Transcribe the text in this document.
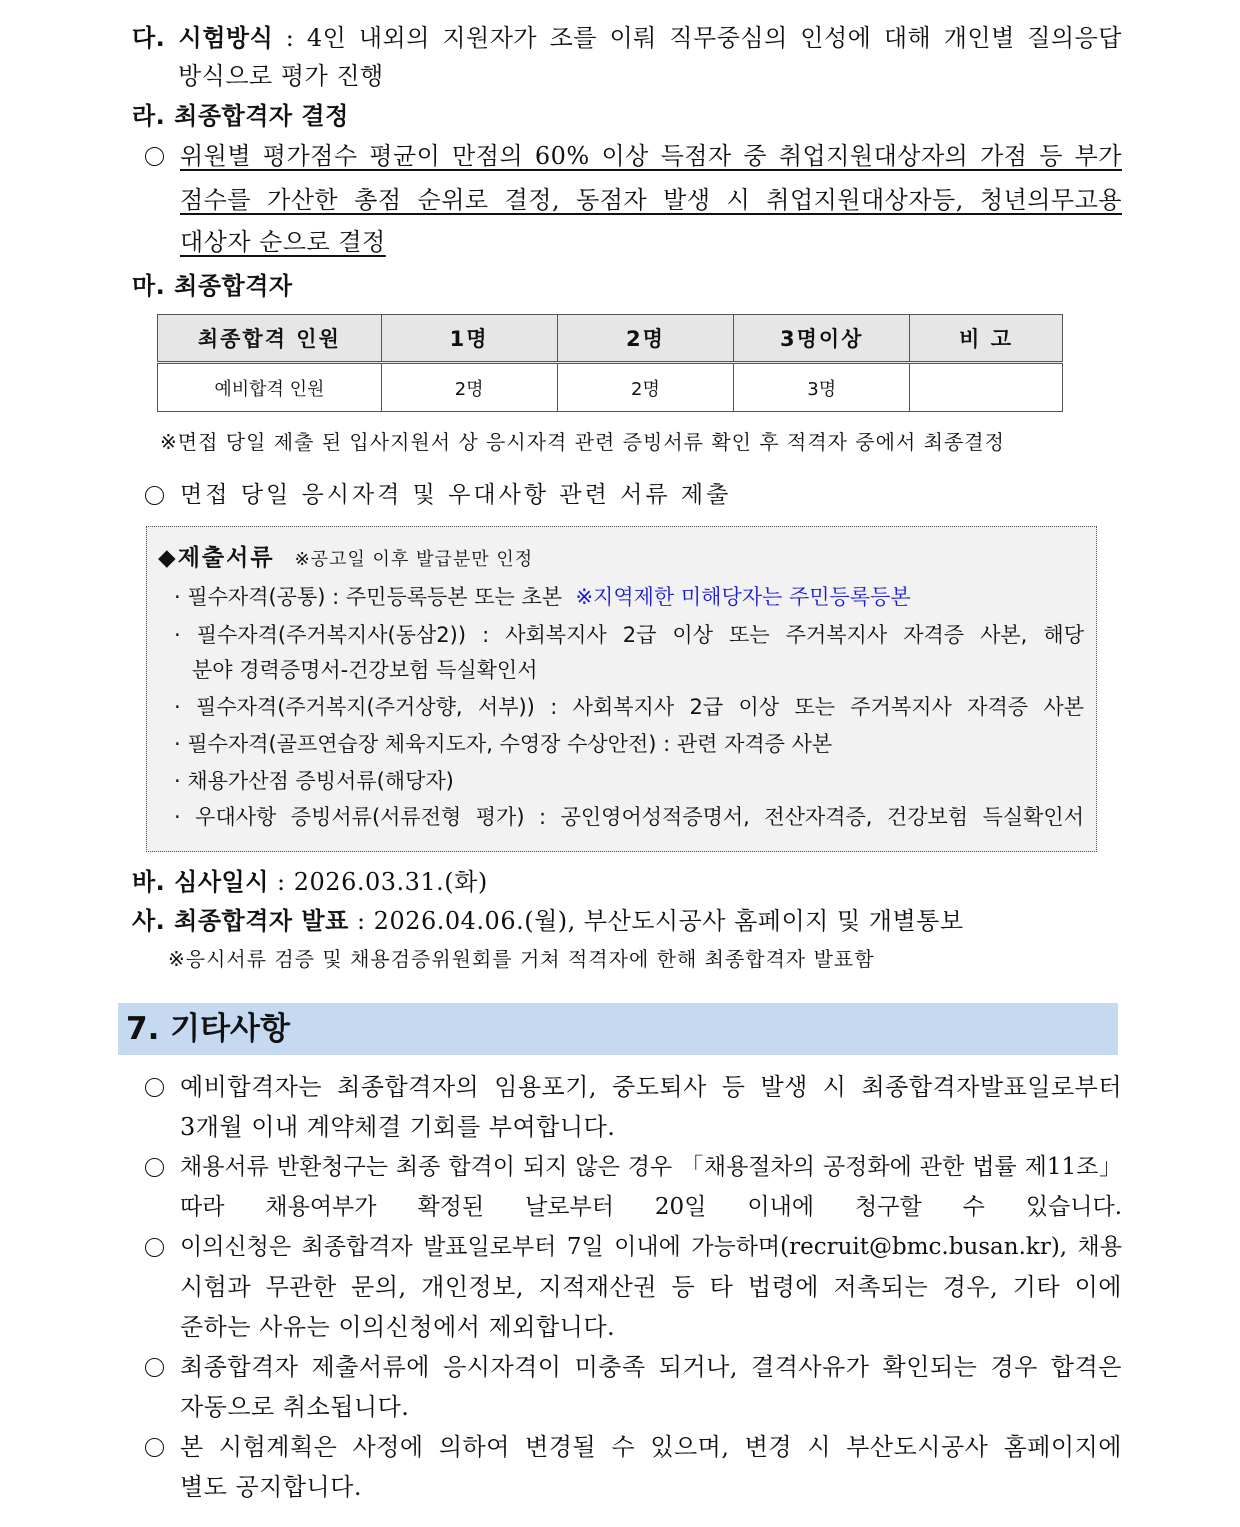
다. 시험방식 : 4인 내외의 지원자가 조를 이뤄 직무중심의 인성에 대해 개인별 질의응답
방식으로 평가 진행
라. 최종합격자 결정
위원별 평가점수 평균이 만점의 60% 이상 득점자 중 취업지원대상자의 가점 등 부가
점수를 가산한 총점 순위로 결정, 동점자 발생 시 취업지원대상자등, 청년의무고용
대상자 순으로 결정
마. 최종합격자
최종합격 인원	1명	2명	3명이상	비 고
예비합격 인원	2명	2명	3명	
※면접 당일 제출 된 입사지원서 상 응시자격 관련 증빙서류 확인 후 적격자 중에서 최종결정
면접 당일 응시자격 및 우대사항 관련 서류 제출
◆제출서류 ※공고일 이후 발급분만 인정
· 필수자격(공통) : 주민등록등본 또는 초본 ※지역제한 미해당자는 주민등록등본
· 필수자격(주거복지사(동삼2)) : 사회복지사 2급 이상 또는 주거복지사 자격증 사본, 해당
분야 경력증명서-건강보험 득실확인서
· 필수자격(주거복지(주거상향, 서부)) : 사회복지사 2급 이상 또는 주거복지사 자격증 사본
· 필수자격(골프연습장 체육지도자, 수영장 수상안전) : 관련 자격증 사본
· 채용가산점 증빙서류(해당자)
· 우대사항 증빙서류(서류전형 평가) : 공인영어성적증명서, 전산자격증, 건강보험 득실확인서
바. 심사일시 : 2026.03.31.(화)
사. 최종합격자 발표 : 2026.04.06.(월), 부산도시공사 홈페이지 및 개별통보
※응시서류 검증 및 채용검증위원회를 거쳐 적격자에 한해 최종합격자 발표함
7. 기타사항
예비합격자는 최종합격자의 임용포기, 중도퇴사 등 발생 시 최종합격자발표일로부터
3개월 이내 계약체결 기회를 부여합니다.
채용서류 반환청구는 최종 합격이 되지 않은 경우 「채용절차의 공정화에 관한 법률 제11조」
따라 채용여부가 확정된 날로부터 20일 이내에 청구할 수 있습니다.
이의신청은 최종합격자 발표일로부터 7일 이내에 가능하며(recruit@bmc.busan.kr), 채용
시험과 무관한 문의, 개인정보, 지적재산권 등 타 법령에 저촉되는 경우, 기타 이에
준하는 사유는 이의신청에서 제외합니다.
최종합격자 제출서류에 응시자격이 미충족 되거나, 결격사유가 확인되는 경우 합격은
자동으로 취소됩니다.
본 시험계획은 사정에 의하여 변경될 수 있으며, 변경 시 부산도시공사 홈페이지에
별도 공지합니다.
